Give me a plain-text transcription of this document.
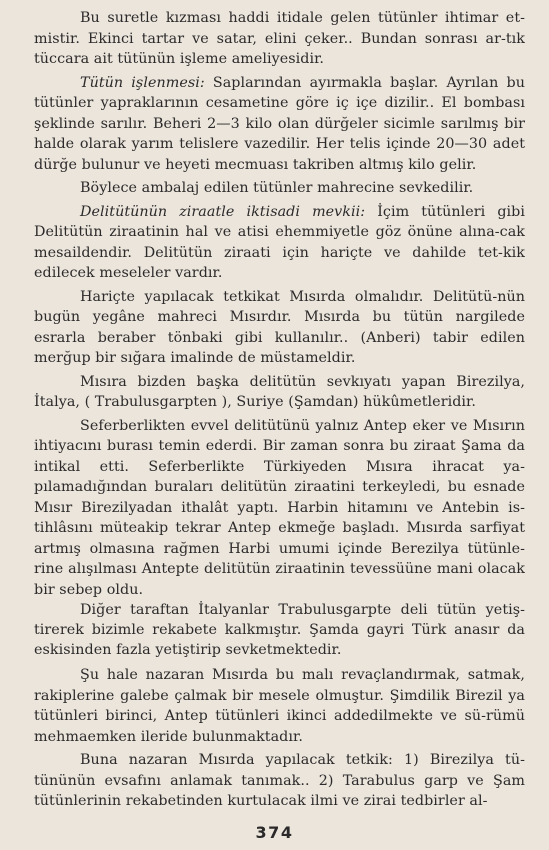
Bu suretle kızması haddi itidale gelen tütünler ihtimar et-mistir. Ekinci tartar ve satar, elini çeker.. Bundan sonrası ar-tık tüccara ait tütünün işleme ameliyesidir.

Tütün işlenmesi: Saplarından ayırmakla başlar. Ayrılan bu tütünler yapraklarının cesametine göre iç içe dizilir.. El bombası şeklinde sarılır. Beheri 2—3 kilo olan dürğeler sicimle sarılmış bir halde olarak yarım telislere vazedilir. Her telis içinde 20—30 adet dürğe bulunur ve heyeti mecmuası takriben altmış kilo gelir.

Böylece ambalaj edilen tütünler mahrecine sevkedilir.

Delitütünün ziraatle iktisadi mevkii: İçim tütünleri gibi Delitütün ziraatinin hal ve atisi ehemmiyetle göz önüne alına-cak mesaildendir. Delitütün ziraati için hariçte ve dahilde tet-kik edilecek meseleler vardır.

Hariçte yapılacak tetkikat Mısırda olmalıdır. Delitütü-nün bugün yegâne mahreci Mısırdır. Mısırda bu tütün nargilede esrarla beraber tönbaki gibi kullanılır.. (Anberi) tabir edilen merğup bir sığara imalinde de müstameldir.

Mısıra bizden başka delitütün sevkıyatı yapan Birezilya, İtalya, ( Trabulusgarpten ), Suriye (Şamdan) hükûmetleridir.

Seferberlikten evvel delitütünü yalnız Antep eker ve Mısırın ihtiyacını burası temin ederdi. Bir zaman sonra bu ziraat Şama da intikal etti. Seferberlikte Türkiyeden Mısıra ihracat ya-pılamadığından buraları delitütün ziraatini terkeyledi, bu esnade Mısır Birezilyadan ithalât yaptı. Harbin hitamını ve Antebin is-tihlâsını müteakip tekrar Antep ekmeğe başladı. Mısırda sarfiyat artmış olmasına rağmen Harbi umumi içinde Berezilya tütünle-rine alışılması Antepte delitütün ziraatinin tevessüüne mani olacak bir sebep oldu.

Diğer taraftan İtalyanlar Trabulusgarpte deli tütün yetiş-tirerek bizimle rekabete kalkmıştır. Şamda gayri Türk anasır da eskisinden fazla yetiştirip sevketmektedir.

Şu hale nazaran Mısırda bu malı revaçlandırmak, satmak, rakiplerine galebe çalmak bir mesele olmuştur. Şimdilik Birezil ya tütünleri birinci, Antep tütünleri ikinci addedilmekte ve sü-rümü mehmaemken ileride bulunmaktadır.

Buna nazaran Mısırda yapılacak tetkik: 1) Birezilya tü-tününün evsafını anlamak tanımak.. 2) Tarabulus garp ve Şam tütünlerinin rekabetinden kurtulacak ilmi ve zirai tedbirler al-

374
